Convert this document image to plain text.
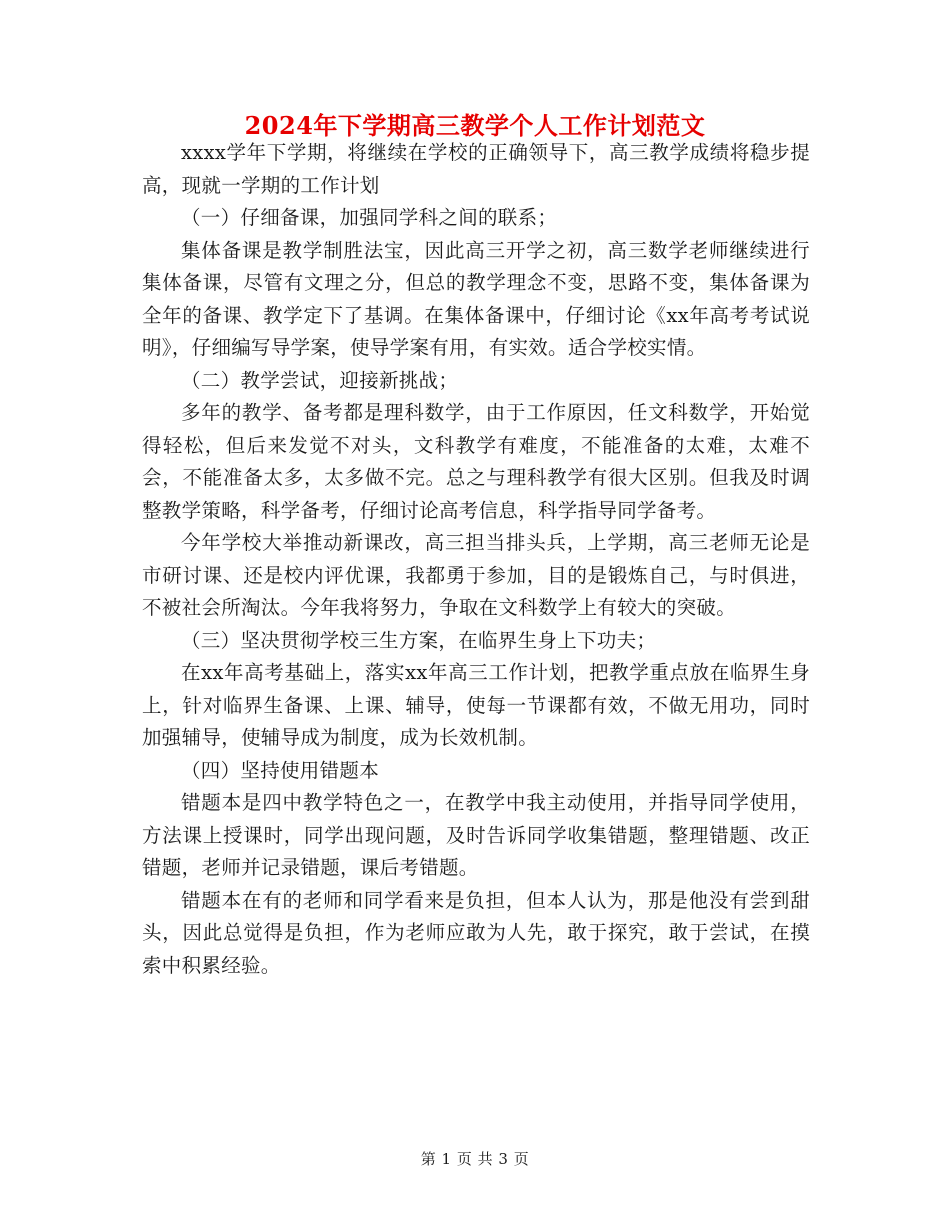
2024年下学期高三教学个人工作计划范文

xxxx学年下学期，将继续在学校的正确领导下，高三教学成绩将稳步提高，现就一学期的工作计划

（一）仔细备课，加强同学科之间的联系；

集体备课是教学制胜法宝，因此高三开学之初，高三数学老师继续进行集体备课，尽管有文理之分，但总的教学理念不变，思路不变，集体备课为全年的备课、教学定下了基调。在集体备课中，仔细讨论《xx年高考考试说明》，仔细编写导学案，使导学案有用，有实效。适合学校实情。

（二）教学尝试，迎接新挑战；

多年的教学、备考都是理科数学，由于工作原因，任文科数学，开始觉得轻松，但后来发觉不对头，文科教学有难度，不能准备的太难，太难不会，不能准备太多，太多做不完。总之与理科教学有很大区别。但我及时调整教学策略，科学备考，仔细讨论高考信息，科学指导同学备考。

今年学校大举推动新课改，高三担当排头兵，上学期，高三老师无论是市研讨课、还是校内评优课，我都勇于参加，目的是锻炼自己，与时俱进，不被社会所淘汰。今年我将努力，争取在文科数学上有较大的突破。

（三）坚决贯彻学校三生方案，在临界生身上下功夫；

在xx年高考基础上，落实xx年高三工作计划，把教学重点放在临界生身上，针对临界生备课、上课、辅导，使每一节课都有效，不做无用功，同时加强辅导，使辅导成为制度，成为长效机制。

（四）坚持使用错题本

错题本是四中教学特色之一，在教学中我主动使用，并指导同学使用，方法课上授课时，同学出现问题，及时告诉同学收集错题，整理错题、改正错题，老师并记录错题，课后考错题。

错题本在有的老师和同学看来是负担，但本人认为，那是他没有尝到甜头，因此总觉得是负担，作为老师应敢为人先，敢于探究，敢于尝试，在摸索中积累经验。

第 1 页 共 3 页
